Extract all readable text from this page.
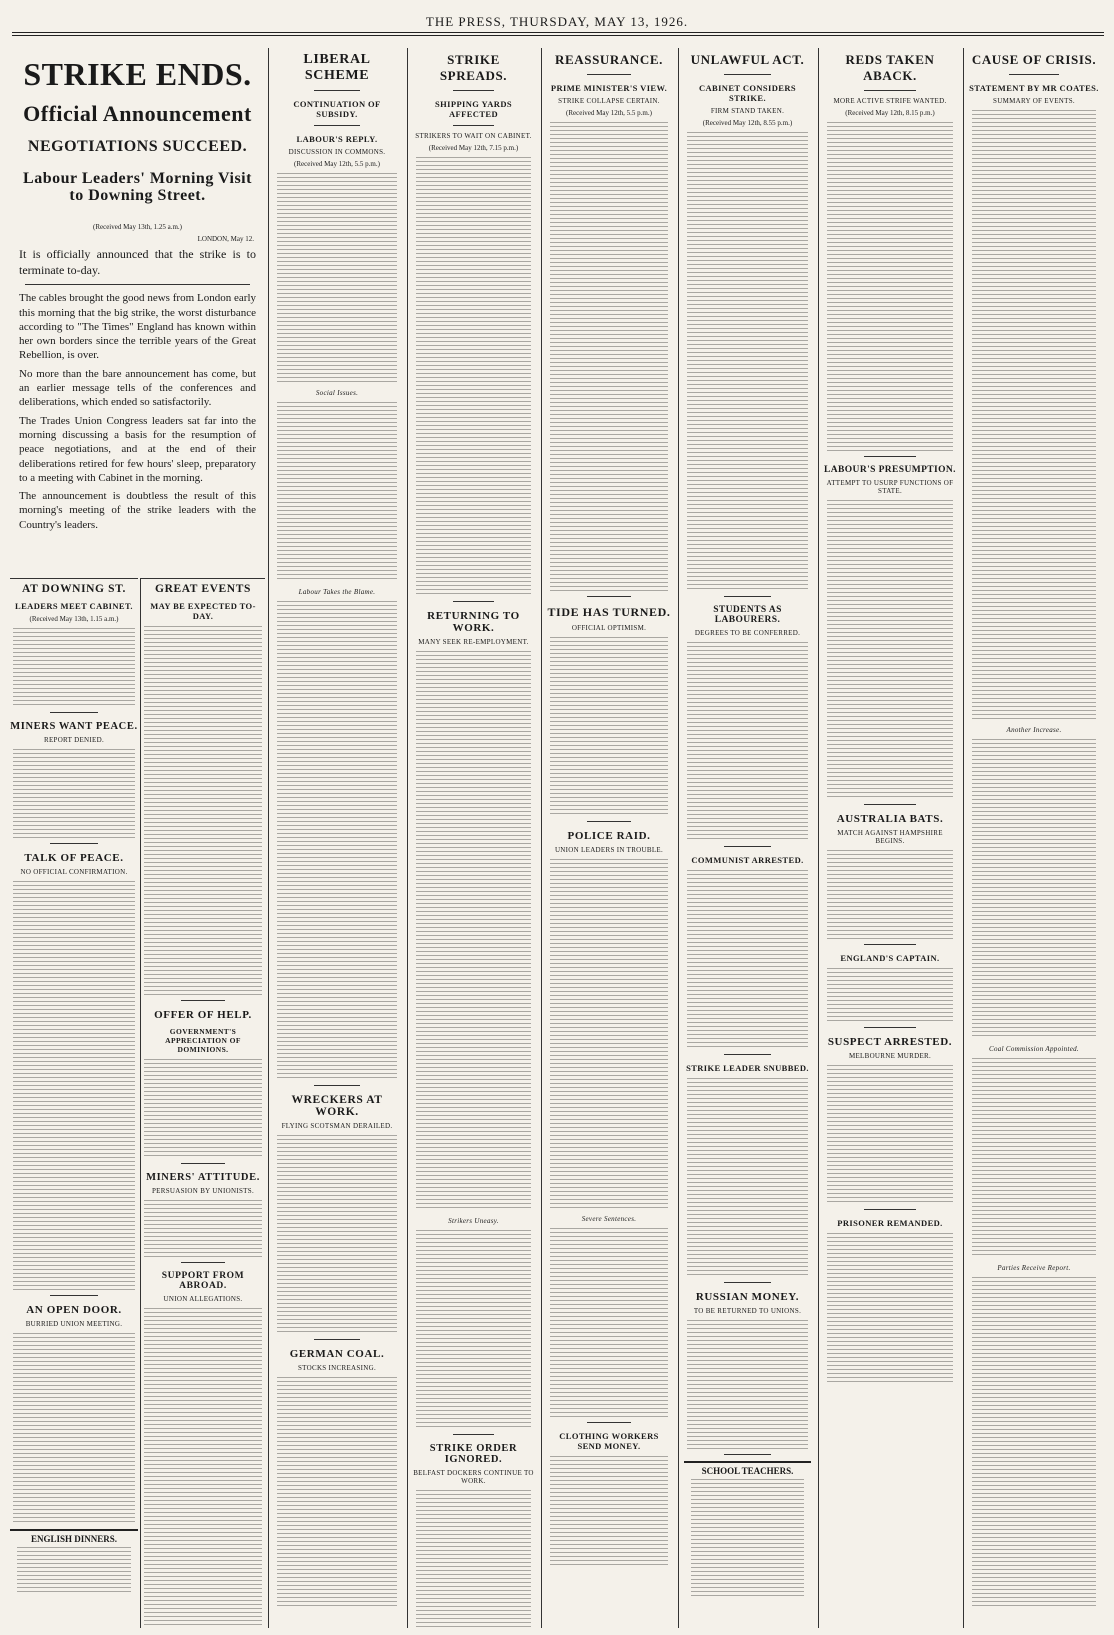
THE PRESS, THURSDAY, MAY 13, 1926.
STRIKE ENDS.
Official Announcement
NEGOTIATIONS SUCCEED.
Labour Leaders' Morning Visit to Downing Street.
(Received May 13th, 1.25 a.m.)
LONDON, May 12.
It is officially announced that the strike is to terminate to-day.
The cables brought the good news from London early this morning that the big strike, the worst disturbance according to "The Times" England has known within her own borders since the terrible years of the Great Rebellion, is over.
No more than the bare announcement has come, but an earlier message tells of the conferences and deliberations, which ended so satisfactorily.
The Trades Union Congress leaders sat far into the morning discussing a basis for the resumption of peace negotiations, and at the end of their deliberations retired for few hours' sleep, preparatory to a meeting with Cabinet in the morning.
The announcement is doubtless the result of this morning's meeting of the strike leaders with the Country's leaders.
AT DOWNING ST.
LEADERS MEET CABINET.
(Received May 13th, 1.15 a.m.)
MINERS WANT PEACE.
REPORT DENIED.
TALK OF PEACE.
NO OFFICIAL CONFIRMATION.
AN OPEN DOOR.
BURRIED UNION MEETING.
ENGLISH DINNERS.
GREAT EVENTS
MAY BE EXPECTED TO-DAY.
OFFER OF HELP.
GOVERNMENT'S APPRECIATION OF DOMINIONS.
MINERS' ATTITUDE.
PERSUASION BY UNIONISTS.
SUPPORT FROM ABROAD.
UNION ALLEGATIONS.
LIBERAL SCHEME
CONTINUATION OF SUBSIDY.
LABOUR'S REPLY.
DISCUSSION IN COMMONS.
(Received May 12th, 5.5 p.m.)
Social Issues.
Labour Takes the Blame.
WRECKERS AT WORK.
FLYING SCOTSMAN DERAILED.
GERMAN COAL.
STOCKS INCREASING.
STRIKE SPREADS.
SHIPPING YARDS AFFECTED
STRIKERS TO WAIT ON CABINET.
(Received May 12th, 7.15 p.m.)
RETURNING TO WORK.
MANY SEEK RE-EMPLOYMENT.
Strikers Uneasy.
STRIKE ORDER IGNORED.
BELFAST DOCKERS CONTINUE TO WORK.
REASSURANCE.
PRIME MINISTER'S VIEW.
STRIKE COLLAPSE CERTAIN.
(Received May 12th, 5.5 p.m.)
TIDE HAS TURNED.
OFFICIAL OPTIMISM.
POLICE RAID.
UNION LEADERS IN TROUBLE.
Severe Sentences.
CLOTHING WORKERS SEND MONEY.
UNLAWFUL ACT.
CABINET CONSIDERS STRIKE.
FIRM STAND TAKEN.
(Received May 12th, 8.55 p.m.)
STUDENTS AS LABOURERS.
DEGREES TO BE CONFERRED.
COMMUNIST ARRESTED.
STRIKE LEADER SNUBBED.
RUSSIAN MONEY.
TO BE RETURNED TO UNIONS.
SCHOOL TEACHERS.
REDS TAKEN ABACK.
MORE ACTIVE STRIFE WANTED.
(Received May 12th, 8.15 p.m.)
LABOUR'S PRESUMPTION.
ATTEMPT TO USURP FUNCTIONS OF STATE.
AUSTRALIA BATS.
MATCH AGAINST HAMPSHIRE BEGINS.
ENGLAND'S CAPTAIN.
SUSPECT ARRESTED.
MELBOURNE MURDER.
PRISONER REMANDED.
CAUSE OF CRISIS.
STATEMENT BY MR COATES.
SUMMARY OF EVENTS.
Another Increase.
Coal Commission Appointed.
Parties Receive Report.
